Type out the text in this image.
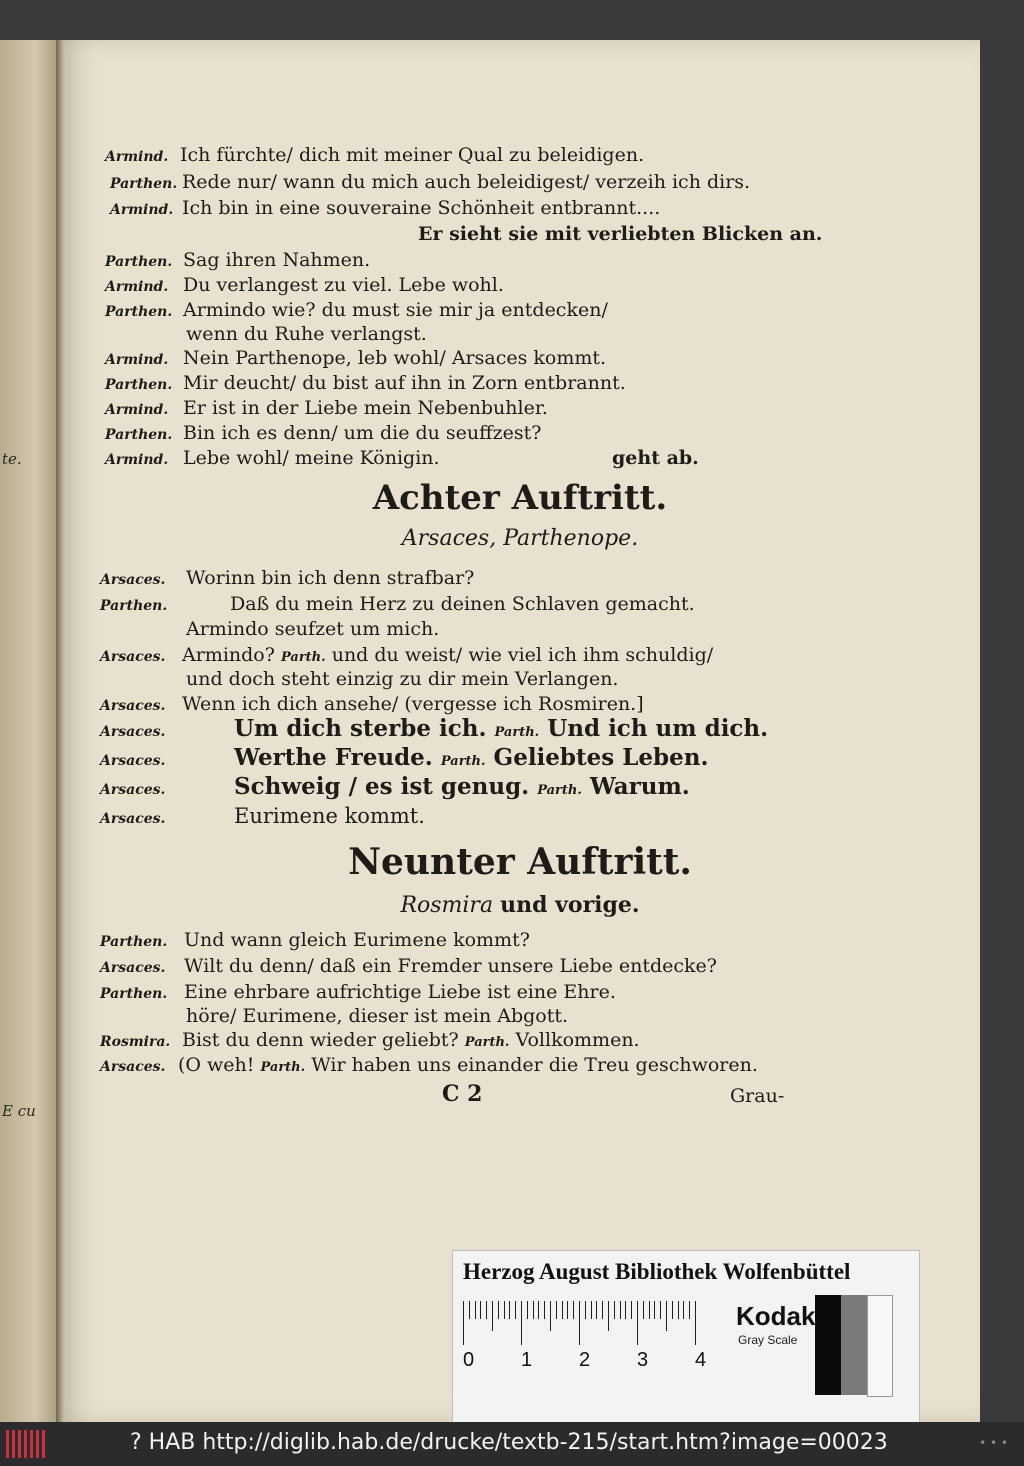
te.
E cu
Armind. Ich fürchte/ dich mit meiner Qual zu beleidigen.
Parthen. Rede nur/ wann du mich auch beleidigest/ verzeih ich dirs.
Armind. Ich bin in eine souveraine Schönheit entbrannt....
Er sieht sie mit verliebten Blicken an.
Parthen. Sag ihren Nahmen.
Armind. Du verlangest zu viel. Lebe wohl.
Parthen. Armindo wie? du must sie mir ja entdecken/
wenn du Ruhe verlangst.
Armind. Nein Parthenope, leb wohl/ Arsaces kommt.
Parthen. Mir deucht/ du bist auf ihn in Zorn entbrannt.
Armind. Er ist in der Liebe mein Nebenbuhler.
Parthen. Bin ich es denn/ um die du seuffzest?
Armind. Lebe wohl/ meine Königin.	geht ab.
Achter Auftritt.
Arsaces, Parthenope.
Arsaces. Worinn bin ich denn strafbar?
Parthen.	Daß du mein Herz zu deinen Schlaven gemacht.
Armindo seufzet um mich.
Arsaces. Armindo? Parth. und du weist/ wie viel ich ihm schuldig/
und doch steht einzig zu dir mein Verlangen.
Arsaces. Wenn ich dich ansehe/ (vergesse ich Rosmiren.]
Arsaces.	Um dich sterbe ich. Parth. Und ich um dich.
Arsaces.	Werthe Freude. Parth. Geliebtes Leben.
Arsaces.	Schweig / es ist genug. Parth. Warum.
Arsaces.	Eurimene kommt.
Neunter Auftritt.
Rosmira und vorige.
Parthen. Und wann gleich Eurimene kommt?
Arsaces. Wilt du denn/ daß ein Fremder unsere Liebe entdecke?
Parthen. Eine ehrbare aufrichtige Liebe ist eine Ehre.
höre/ Eurimene, dieser ist mein Abgott.
Rosmira. Bist du denn wieder geliebt? Parth. Vollkommen.
Arsaces. (O weh! Parth. Wir haben uns einander die Treu geschworen.
C 2	Grau-
Herzog August Bibliothek Wolfenbüttel
0 1 2 3 4
Kodak
Gray Scale
? HAB http://diglib.hab.de/drucke/textb-215/start.htm?image=00023	• • •
